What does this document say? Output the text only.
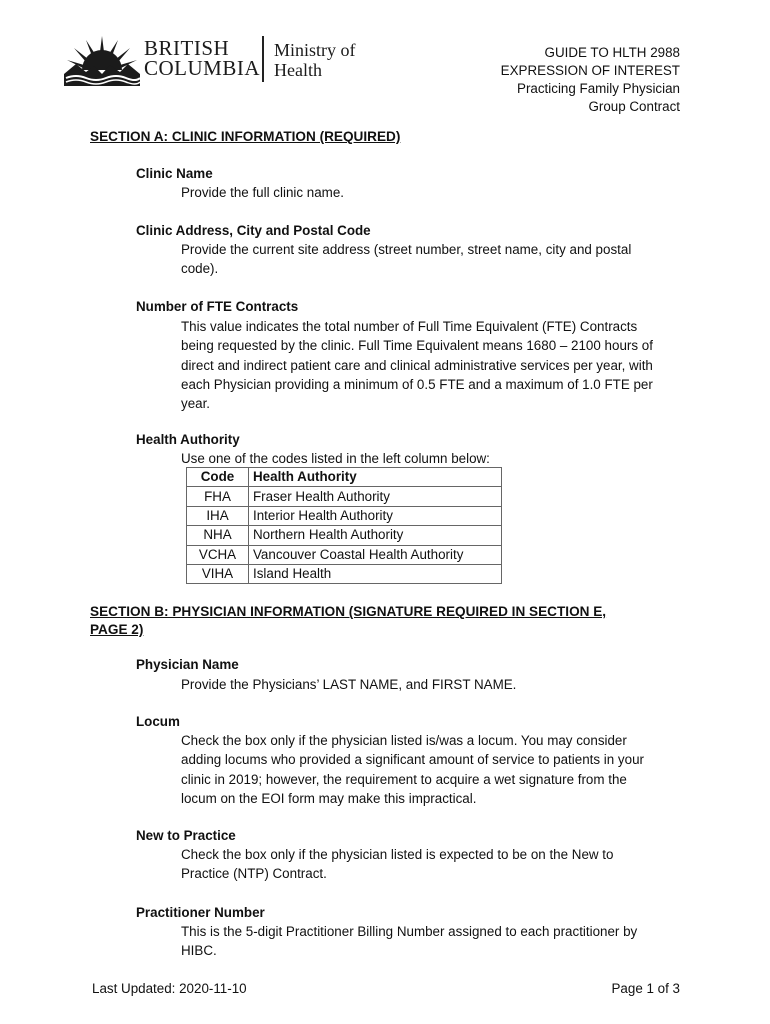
BRITISH
COLUMBIA
Ministry of
Health
GUIDE TO HLTH 2988
EXPRESSION OF INTEREST
Practicing Family Physician
Group Contract
SECTION A: CLINIC INFORMATION (REQUIRED)
Clinic Name
Provide the full clinic name.
Clinic Address, City and Postal Code
Provide the current site address (street number, street name, city and postal
code).
Number of FTE Contracts
This value indicates the total number of Full Time Equivalent (FTE) Contracts
being requested by the clinic. Full Time Equivalent means 1680 – 2100 hours of
direct and indirect patient care and clinical administrative services per year, with
each Physician providing a minimum of 0.5 FTE and a maximum of 1.0 FTE per
year.
Health Authority
Use one of the codes listed in the left column below:
Code	Health Authority
FHA	Fraser Health Authority
IHA	Interior Health Authority
NHA	Northern Health Authority
VCHA	Vancouver Coastal Health Authority
VIHA	Island Health
SECTION B: PHYSICIAN INFORMATION (SIGNATURE REQUIRED IN SECTION E,
PAGE 2)
Physician Name
Provide the Physicians’ LAST NAME, and FIRST NAME.
Locum
Check the box only if the physician listed is/was a locum. You may consider
adding locums who provided a significant amount of service to patients in your
clinic in 2019; however, the requirement to acquire a wet signature from the
locum on the EOI form may make this impractical.
New to Practice
Check the box only if the physician listed is expected to be on the New to
Practice (NTP) Contract.
Practitioner Number
This is the 5-digit Practitioner Billing Number assigned to each practitioner by
HIBC.
Last Updated: 2020-11-10	Page 1 of 3
